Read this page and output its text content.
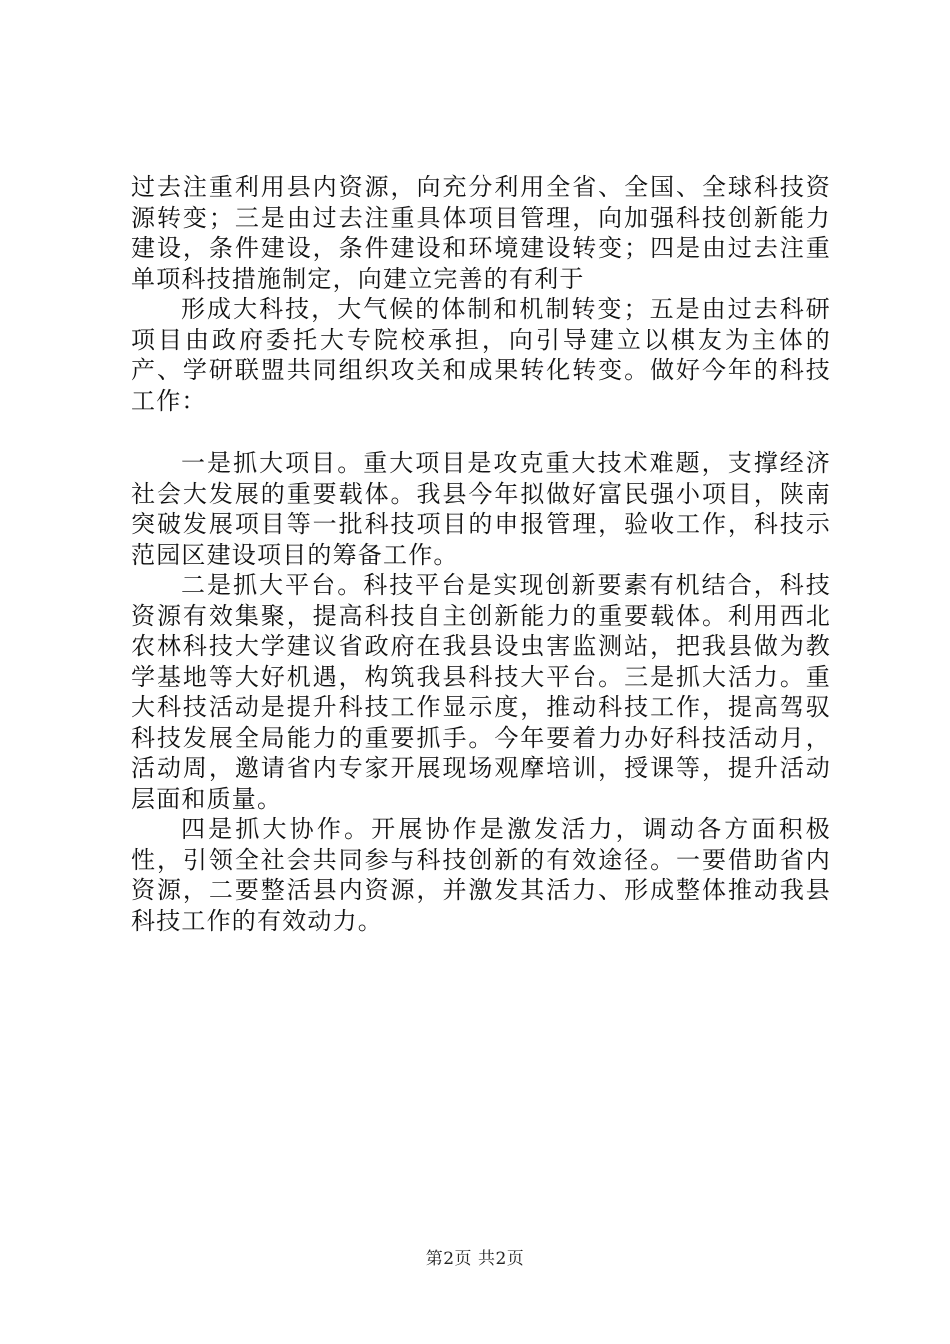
过去注重利用县内资源，向充分利用全省、全国、全球科技资源转变；三是由过去注重具体项目管理，向加强科技创新能力建设，条件建设，条件建设和环境建设转变；四是由过去注重单项科技措施制定，向建立完善的有利于

形成大科技，大气候的体制和机制转变；五是由过去科研项目由政府委托大专院校承担，向引导建立以棋友为主体的产、学研联盟共同组织攻关和成果转化转变。做好今年的科技工作：

一是抓大项目。重大项目是攻克重大技术难题，支撑经济社会大发展的重要载体。我县今年拟做好富民强小项目，陕南突破发展项目等一批科技项目的申报管理，验收工作，科技示范园区建设项目的筹备工作。

二是抓大平台。科技平台是实现创新要素有机结合，科技资源有效集聚，提高科技自主创新能力的重要载体。利用西北农林科技大学建议省政府在我县设虫害监测站，把我县做为教学基地等大好机遇，构筑我县科技大平台。三是抓大活力。重大科技活动是提升科技工作显示度，推动科技工作，提高驾驭科技发展全局能力的重要抓手。今年要着力办好科技活动月，活动周，邀请省内专家开展现场观摩培训，授课等，提升活动层面和质量。

四是抓大协作。开展协作是激发活力，调动各方面积极性，引领全社会共同参与科技创新的有效途径。一要借助省内资源，二要整活县内资源，并激发其活力、形成整体推动我县科技工作的有效动力。

第2页 共2页
